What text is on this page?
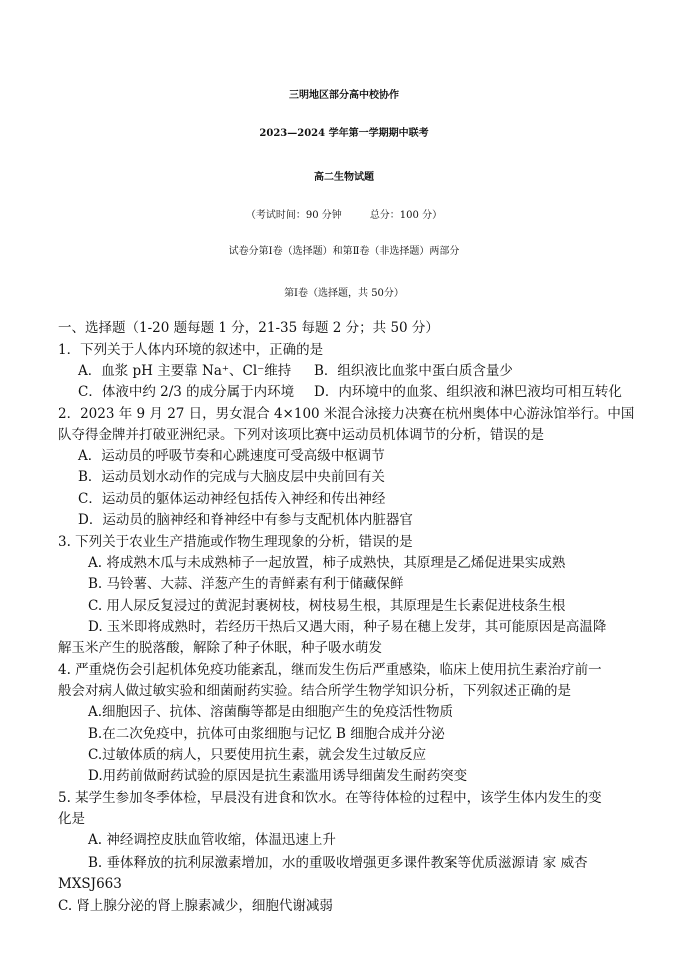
三明地区部分高中校协作
2023—2024 学年第一学期期中联考
高二生物试题
（考试时间：90 分钟	总分：100 分）
试卷分第Ⅰ卷（选择题）和第Ⅱ卷（非选择题）两部分
第Ⅰ卷（选择题，共 50分）
一、选择题（1-20 题每题 1 分，21-35 每题 2 分；共 50 分）
1．下列关于人体内环境的叙述中，正确的是
A．血浆 pH 主要靠 Na⁺、Cl⁻维持 B．组织液比血浆中蛋白质含量少
C．体液中约 2/3 的成分属于内环境 D．内环境中的血浆、组织液和淋巴液均可相互转化
2．2023 年 9 月 27 日，男女混合 4×100 米混合泳接力决赛在杭州奥体中心游泳馆举行。中国
队夺得金牌并打破亚洲纪录。下列对该项比赛中运动员机体调节的分析，错误的是
A．运动员的呼吸节奏和心跳速度可受高级中枢调节
B．运动员划水动作的完成与大脑皮层中央前回有关
C．运动员的躯体运动神经包括传入神经和传出神经
D．运动员的脑神经和脊神经中有参与支配机体内脏器官
3. 下列关于农业生产措施或作物生理现象的分析，错误的是
A. 将成熟木瓜与未成熟柿子一起放置，柿子成熟快，其原理是乙烯促进果实成熟
B. 马铃薯、大蒜、洋葱产生的青鲜素有利于储藏保鲜
C. 用人尿反复浸过的黄泥封裹树枝，树枝易生根，其原理是生长素促进枝条生根
D. 玉米即将成熟时，若经历干热后又遇大雨，种子易在穗上发芽，其可能原因是高温降
解玉米产生的脱落酸，解除了种子休眠，种子吸水萌发
4. 严重烧伤会引起机体免疫功能紊乱，继而发生伤后严重感染，临床上使用抗生素治疗前一
般会对病人做过敏实验和细菌耐药实验。结合所学生物学知识分析，下列叙述正确的是
A.细胞因子、抗体、溶菌酶等都是由细胞产生的免疫活性物质
B.在二次免疫中，抗体可由浆细胞与记忆 B 细胞合成并分泌
C.过敏体质的病人，只要使用抗生素，就会发生过敏反应
D.用药前做耐药试验的原因是抗生素滥用诱导细菌发生耐药突变
5. 某学生参加冬季体检，早晨没有进食和饮水。在等待体检的过程中，该学生体内发生的变
化是
A. 神经调控皮肤血管收缩，体温迅速上升
B. 垂体释放的抗利尿激素增加，水的重吸收增强更多课件教案等优质滋源请 家 威杏
MXSJ663
C. 肾上腺分泌的肾上腺素减少，细胞代谢减弱
